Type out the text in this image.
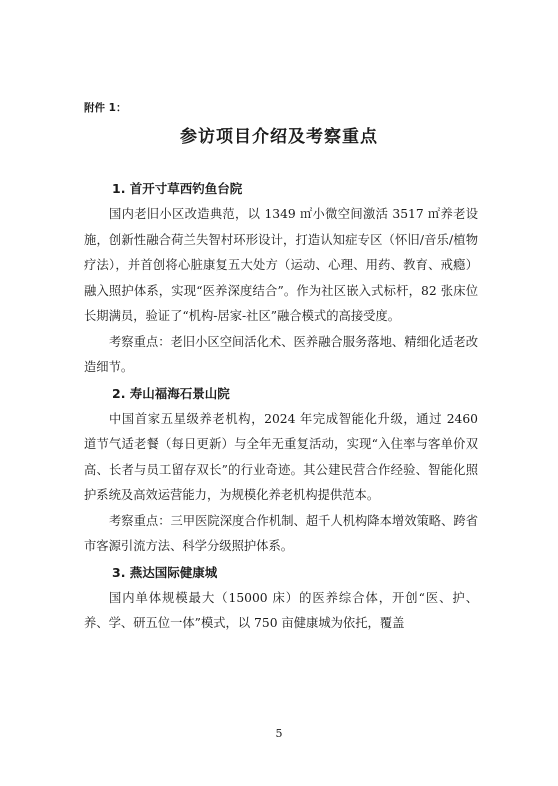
附件 1：
参访项目介绍及考察重点

1. 首开寸草西钓鱼台院

国内老旧小区改造典范，以 1349 ㎡小微空间激活 3517 ㎡养老设施，创新性融合荷兰失智村环形设计，打造认知症专区（怀旧/音乐/植物疗法），并首创将心脏康复五大处方（运动、心理、用药、教育、戒瘾）融入照护体系，实现“医养深度结合”。作为社区嵌入式标杆，82 张床位长期满员，验证了“机构-居家-社区”融合模式的高接受度。

考察重点：老旧小区空间活化术、医养融合服务落地、精细化适老改造细节。

2. 寿山福海石景山院

中国首家五星级养老机构，2024 年完成智能化升级，通过 2460 道节气适老餐（每日更新）与全年无重复活动，实现“入住率与客单价双高、长者与员工留存双长”的行业奇迹。其公建民营合作经验、智能化照护系统及高效运营能力，为规模化养老机构提供范本。

考察重点：三甲医院深度合作机制、超千人机构降本增效策略、跨省市客源引流方法、科学分级照护体系。

3. 燕达国际健康城

国内单体规模最大（15000 床）的医养综合体，开创“医、护、养、学、研五位一体”模式，以 750 亩健康城为依托，覆盖

5
